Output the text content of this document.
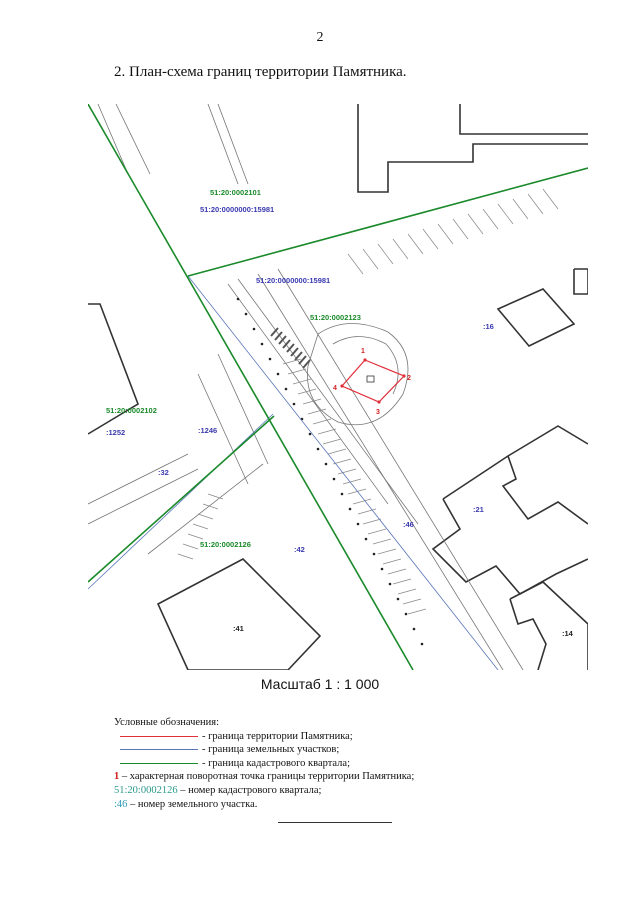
2
2. План-схема границ территории Памятника.
1
2
3
4
51:20:0002101
51:20:0002123
51:20:0002102
51:20:0002126
51:20:0000000:15981
51:20:0000000:15981
:1252	:1246
:32
:42
:46
:16
:21
:41
:14
Масштаб 1 : 1 000
Условные обозначения:
- граница территории Памятника;
- граница земельных участков;
- граница кадастрового квартала;
1
– характерная поворотная точка границы территории Памятника;
51:20:0002126
– номер кадастрового квартала;
:46
– номер земельного участка.
